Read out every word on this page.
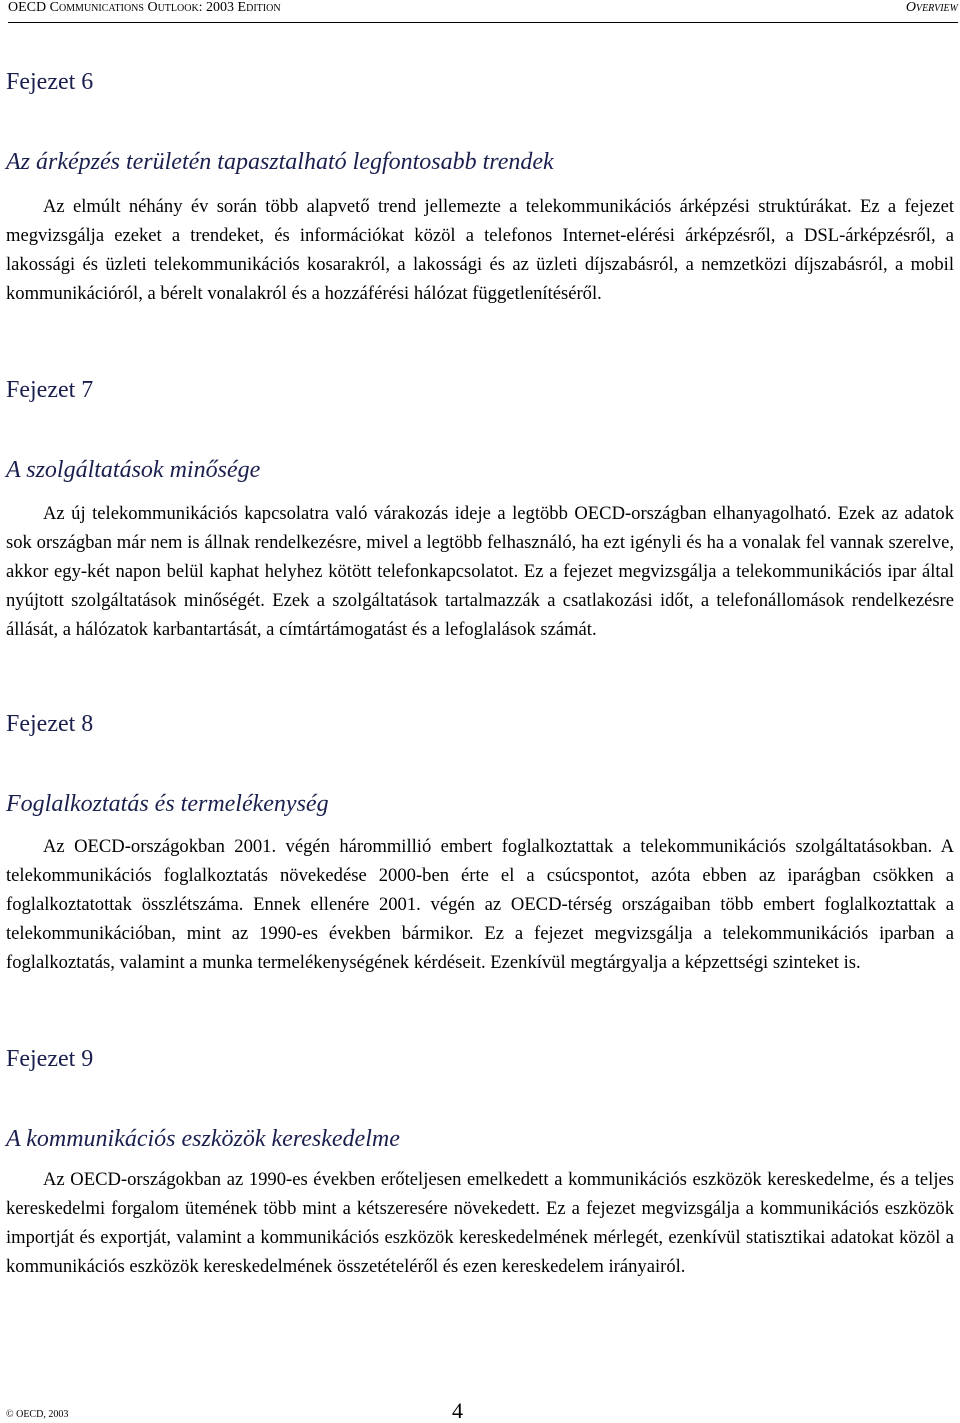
OECD Communications Outlook: 2003 Edition	Overview
Fejezet 6
Az árképzés területén tapasztalható legfontosabb trendek

Az elmúlt néhány év során több alapvető trend jellemezte a telekommunikációs árképzési struktúrákat. Ez a fejezet megvizsgálja ezeket a trendeket, és információkat közöl a telefonos Internet-elérési árképzésről, a DSL-árképzésről, a lakossági és üzleti telekommunikációs kosarakról, a lakossági és az üzleti díjszabásról, a nemzetközi díjszabásról, a mobil kommunikációról, a bérelt vonalakról és a hozzáférési hálózat függetlenítéséről.

Fejezet 7
A szolgáltatások minősége

Az új telekommunikációs kapcsolatra való várakozás ideje a legtöbb OECD-országban elhanyagolható. Ezek az adatok sok országban már nem is állnak rendelkezésre, mivel a legtöbb felhasználó, ha ezt igényli és ha a vonalak fel vannak szerelve, akkor egy-két napon belül kaphat helyhez kötött telefonkapcsolatot. Ez a fejezet megvizsgálja a telekommunikációs ipar által nyújtott szolgáltatások minőségét. Ezek a szolgáltatások tartalmazzák a csatlakozási időt, a telefonállomások rendelkezésre állását, a hálózatok karbantartását, a címtártámogatást és a lefoglalások számát.

Fejezet 8
Foglalkoztatás és termelékenység

Az OECD-országokban 2001. végén hárommillió embert foglalkoztattak a telekommunikációs szolgáltatásokban. A telekommunikációs foglalkoztatás növekedése 2000-ben érte el a csúcspontot, azóta ebben az iparágban csökken a foglalkoztatottak összlétszáma. Ennek ellenére 2001. végén az OECD-térség országaiban több embert foglalkoztattak a telekommunikációban, mint az 1990-es években bármikor. Ez a fejezet megvizsgálja a telekommunikációs iparban a foglalkoztatás, valamint a munka termelékenységének kérdéseit. Ezenkívül megtárgyalja a képzettségi szinteket is.

Fejezet 9
A kommunikációs eszközök kereskedelme

Az OECD-országokban az 1990-es években erőteljesen emelkedett a kommunikációs eszközök kereskedelme, és a teljes kereskedelmi forgalom ütemének több mint a kétszeresére növekedett. Ez a fejezet megvizsgálja a kommunikációs eszközök importját és exportját, valamint a kommunikációs eszközök kereskedelmének mérlegét, ezenkívül statisztikai adatokat közöl a kommunikációs eszközök kereskedelmének összetételéről és ezen kereskedelem irányairól.

© OECD, 2003	4
